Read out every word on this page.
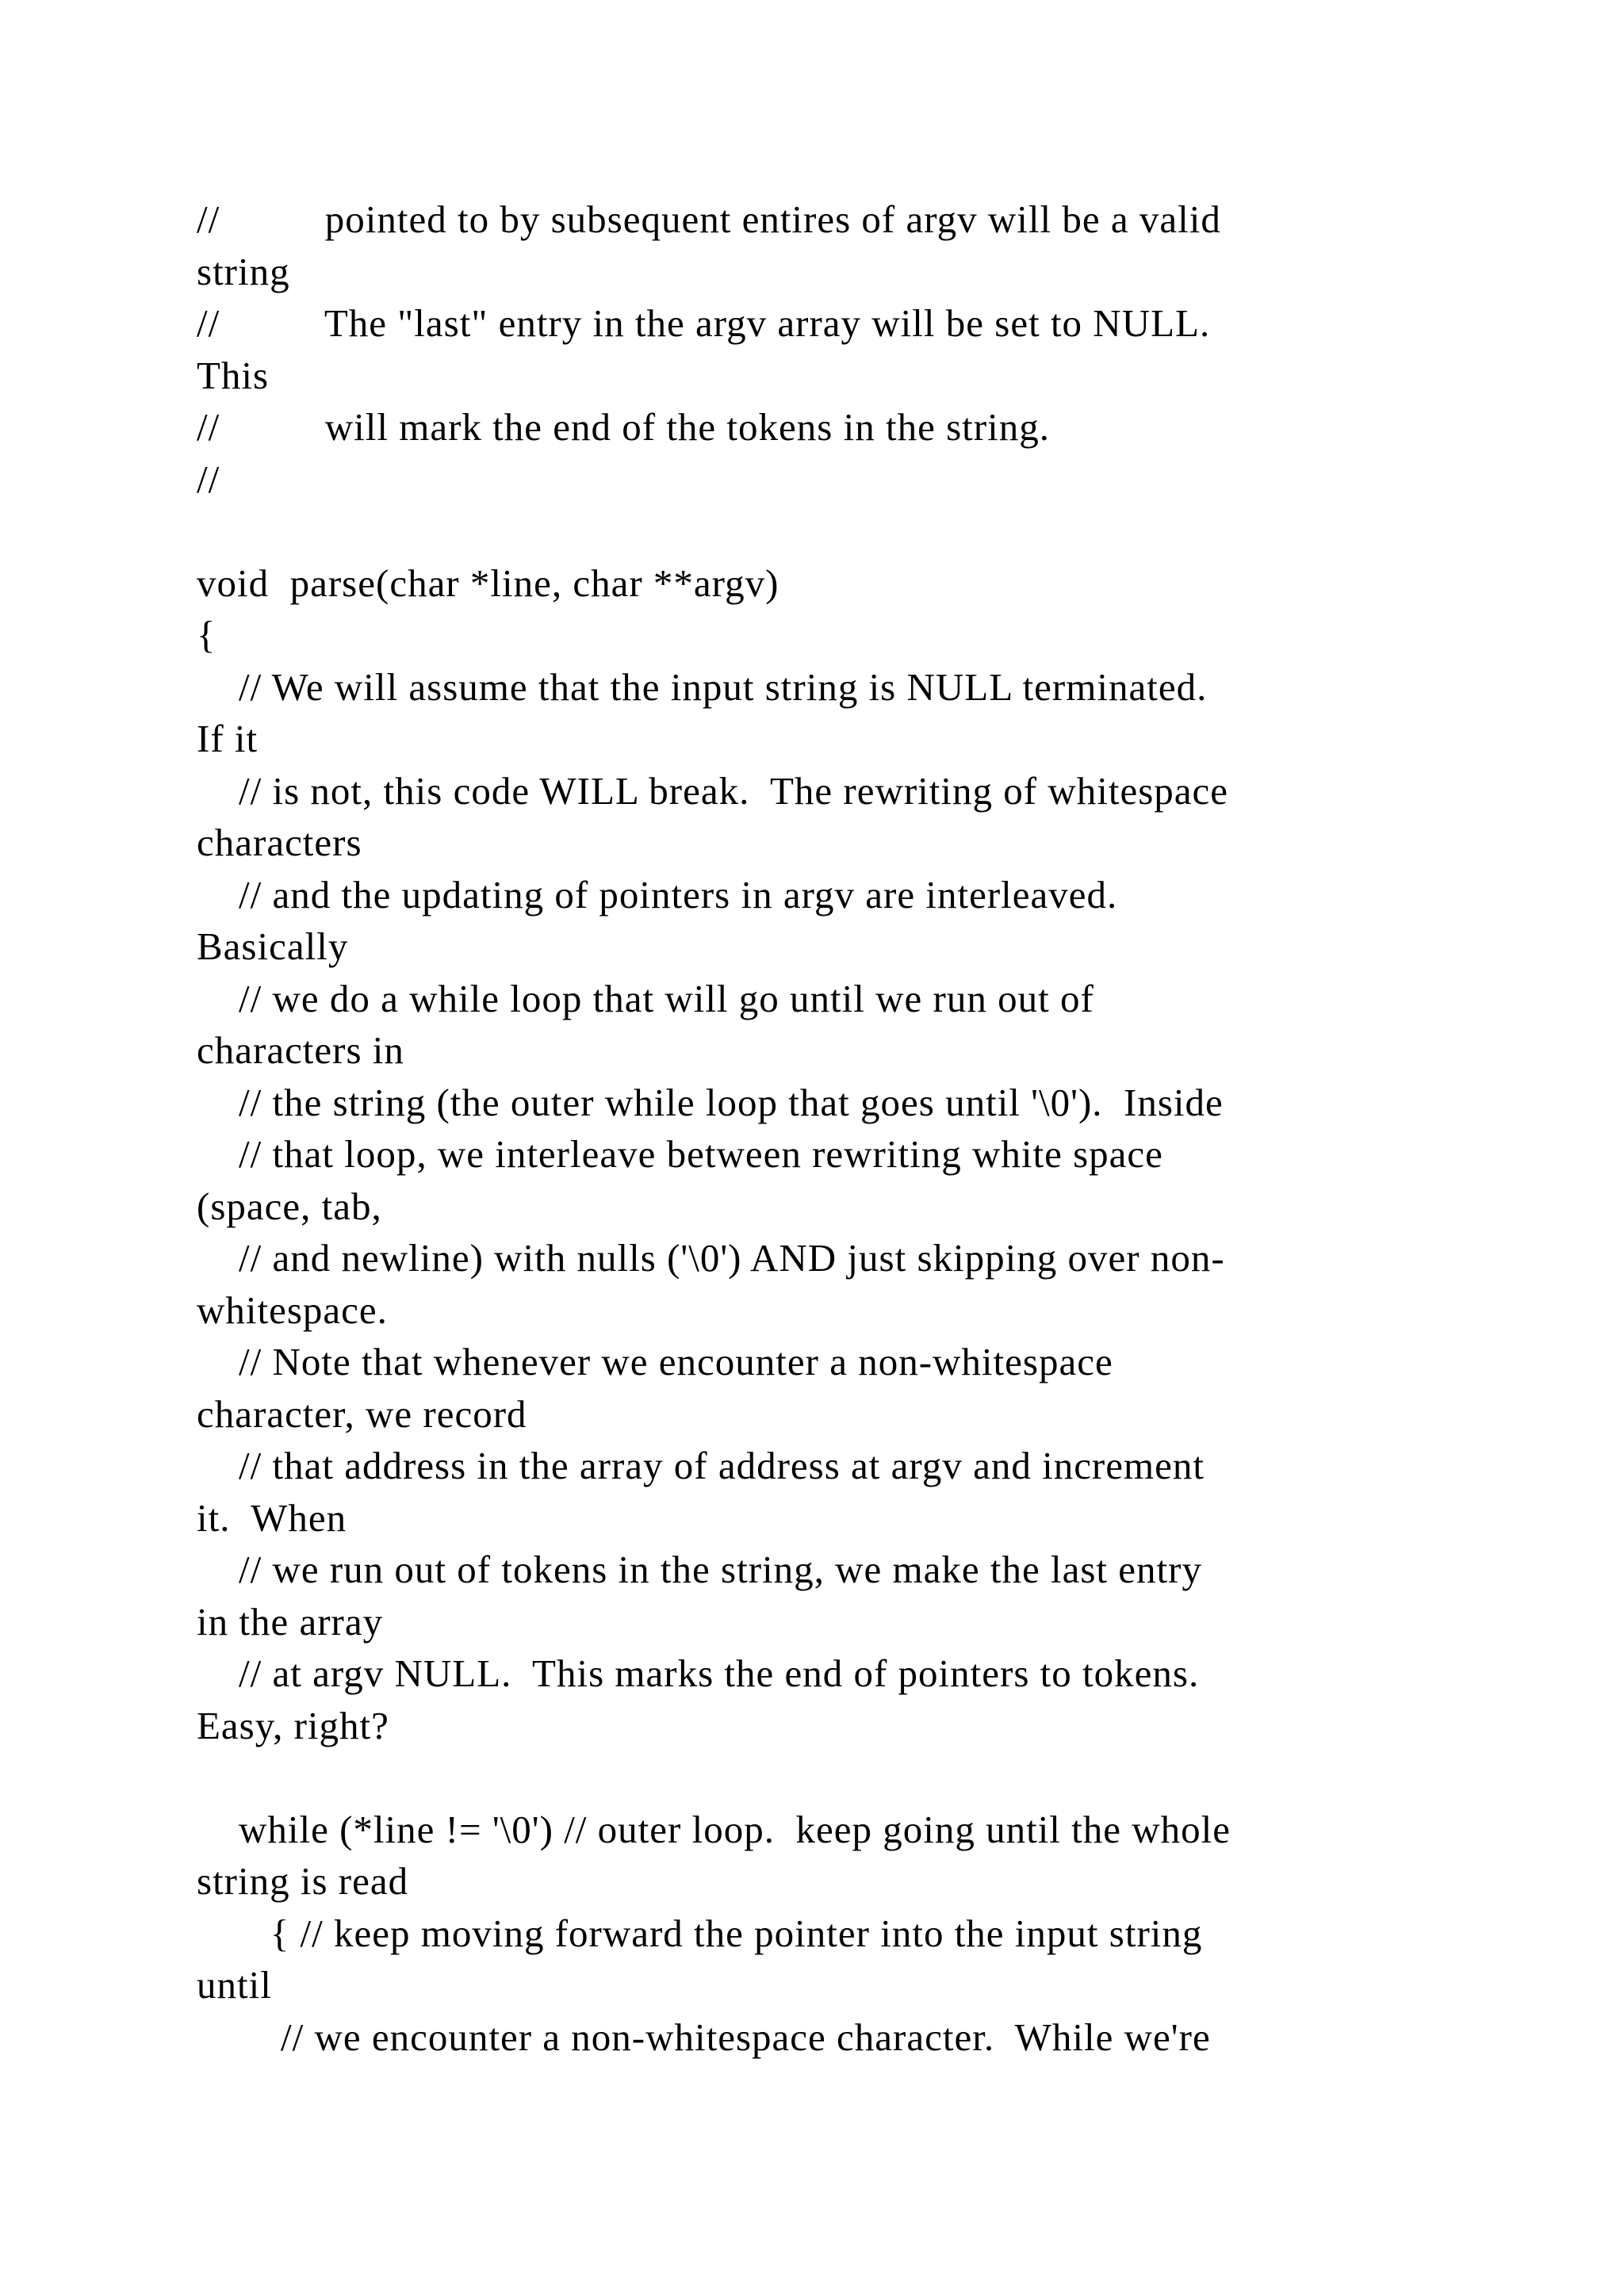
//          pointed to by subsequent entires of argv will be a valid
string
//          The "last" entry in the argv array will be set to NULL.
This
//          will mark the end of the tokens in the string.
//
void  parse(char *line, char **argv)
{
// We will assume that the input string is NULL terminated.
If it
// is not, this code WILL break.  The rewriting of whitespace
characters
// and the updating of pointers in argv are interleaved.
Basically
// we do a while loop that will go until we run out of
characters in
// the string (the outer while loop that goes until '\0').  Inside
// that loop, we interleave between rewriting white space
(space, tab,
// and newline) with nulls ('\0') AND just skipping over non-
whitespace.
// Note that whenever we encounter a non-whitespace
character, we record
// that address in the array of address at argv and increment
it.  When
// we run out of tokens in the string, we make the last entry
in the array
// at argv NULL.  This marks the end of pointers to tokens.
Easy, right?
while (*line != '\0') // outer loop.  keep going until the whole
string is read
{ // keep moving forward the pointer into the input string
until
// we encounter a non-whitespace character.  While we're
